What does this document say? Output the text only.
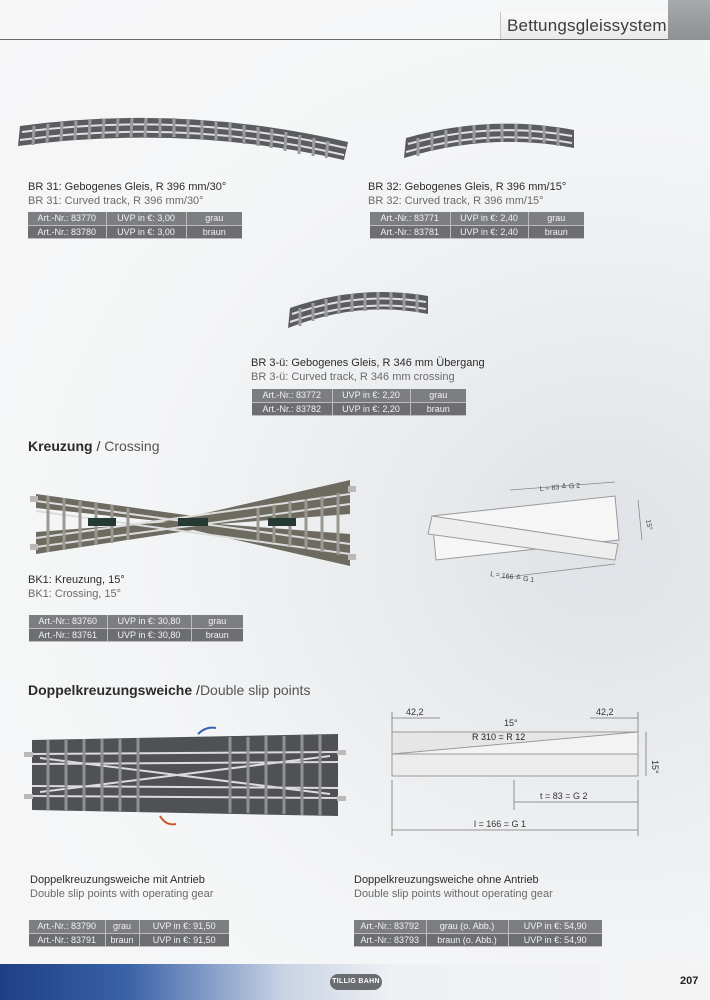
Bettungsgleissystem
BR 31: Gebogenes Gleis, R 396 mm/30°
BR 31: Curved track, R 396 mm/30°
Art.-Nr.: 83770	UVP in €: 3,00	grau
Art.-Nr.: 83780	UVP in €: 3,00	braun
BR 32: Gebogenes Gleis, R 396 mm/15°
BR 32: Curved track, R 396 mm/15°
Art.-Nr.: 83771	UVP in €: 2,40	grau
Art.-Nr.: 83781	UVP in €: 2,40	braun
BR 3-ü: Gebogenes Gleis, R 346 mm Übergang
BR 3-ü: Curved track, R 346 mm crossing
Art.-Nr.: 83772	UVP in €: 2,20	grau
Art.-Nr.: 83782	UVP in €: 2,20	braun
Kreuzung / Crossing
BK1: Kreuzung, 15°
BK1: Crossing, 15°
Art.-Nr.: 83760	UVP in €: 30,80	grau
Art.-Nr.: 83761	UVP in €: 30,80	braun
L = 83 ≙ G 2
15°
L = 166 ≙ G 1
Doppelkreuzungsweiche /Double slip points
42,2	42,2
15°
R 310 = R 12
15°
t = 83 = G 2
l = 166 = G 1
Doppelkreuzungsweiche mit Antrieb
Double slip points with operating gear
Art.-Nr.: 83790	grau	UVP in €: 91,50
Art.-Nr.: 83791	braun	UVP in €: 91,50
Doppelkreuzungsweiche ohne Antrieb
Double slip points without operating gear
Art.-Nr.: 83792	grau (o. Abb.)	UVP in €: 54,90
Art.-Nr.: 83793	braun (o. Abb.)	UVP in €: 54,90
TILLIG BAHN	207
